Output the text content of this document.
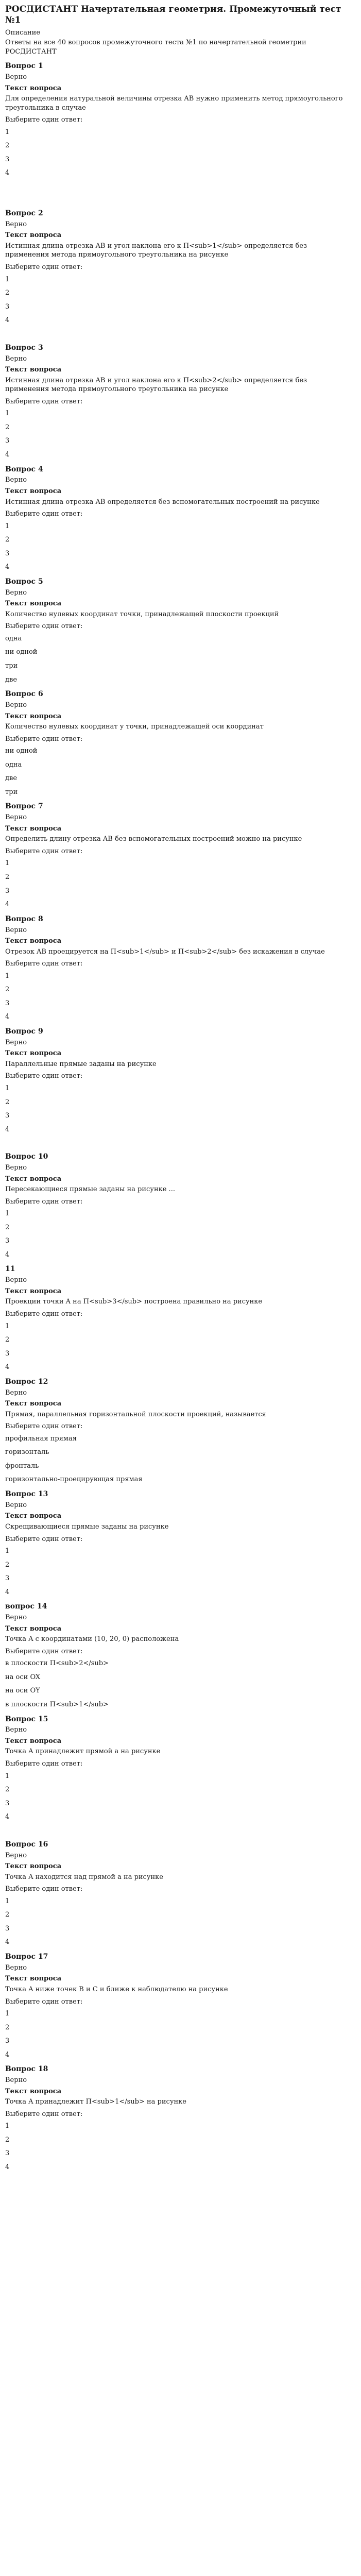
РОСДИСТАНТ Начертательная геометрия. Промежуточный тест №1
Описание
Ответы на все 40 вопросов промежуточного теста №1 по начертательной геометрии РОСДИСТАНТ
Вопрос 1
Верно
Текст вопроса
Для определения натуральной величины отрезка AB нужно применить метод прямоугольного треугольника в случае
Выберите один ответ:
1
2
3
4
Вопрос 2
Верно
Текст вопроса
Истинная длина отрезка AB и угол наклона его к П<sub>1</sub> определяется без применения метода прямоугольного треугольника на рисунке
Выберите один ответ:
1
2
3
4
Вопрос 3
Верно
Текст вопроса
Истинная длина отрезка AB и угол наклона его к П<sub>2</sub> определяется без применения метода прямоугольного треугольника на рисунке
Выберите один ответ:
1
2
3
4
Вопрос 4
Верно
Текст вопроса
Истинная длина отрезка AB определяется без вспомогательных построений на рисунке
Выберите один ответ:
1
2
3
4
Вопрос 5
Верно
Текст вопроса
Количество нулевых координат точки, принадлежащей плоскости проекций
Выберите один ответ:
одна
ни одной
три
две
Вопрос 6
Верно
Текст вопроса
Количество нулевых координат у точки, принадлежащей оси координат
Выберите один ответ:
ни одной
одна
две
три
Вопрос 7
Верно
Текст вопроса
Определить длину отрезка AB без вспомогательных построений можно на рисунке
Выберите один ответ:
1
2
3
4
Вопрос 8
Верно
Текст вопроса
Отрезок AB проецируется на П<sub>1</sub> и П<sub>2</sub> без искажения в случае
Выберите один ответ:
1
2
3
4
Вопрос 9
Верно
Текст вопроса
Параллельные прямые заданы на рисунке
Выберите один ответ:
1
2
3
4
Вопрос 10
Верно
Текст вопроса
Пересекающиеся прямые заданы на рисунке ...
Выберите один ответ:
1
2
3
4
11
Верно
Текст вопроса
Проекции точки A на П<sub>3</sub> построена правильно на рисунке
Выберите один ответ:
1
2
3
4
Вопрос 12
Верно
Текст вопроса
Прямая, параллельная горизонтальной плоскости проекций, называется
Выберите один ответ:
профильная прямая
горизонталь
фронталь
горизонтально-проецирующая прямая
Вопрос 13
Верно
Текст вопроса
Скрещивающиеся прямые заданы на рисунке
Выберите один ответ:
1
2
3
4
вопрос 14
Верно
Текст вопроса
Точка A с координатами (10, 20, 0) расположена
Выберите один ответ:
в плоскости П<sub>2</sub>
на оси OX
на оси OY
в плоскости П<sub>1</sub>
Вопрос 15
Верно
Текст вопроса
Точка A принадлежит прямой a на рисунке
Выберите один ответ:
1
2
3
4
Вопрос 16
Верно
Текст вопроса
Точка A находится над прямой a на рисунке
Выберите один ответ:
1
2
3
4
Вопрос 17
Верно
Текст вопроса
Точка A ниже точек B и C и ближе к наблюдателю на рисунке
Выберите один ответ:
1
2
3
4
Вопрос 18
Верно
Текст вопроса
Точка A принадлежит П<sub>1</sub> на рисунке
Выберите один ответ:
1
2
3
4
